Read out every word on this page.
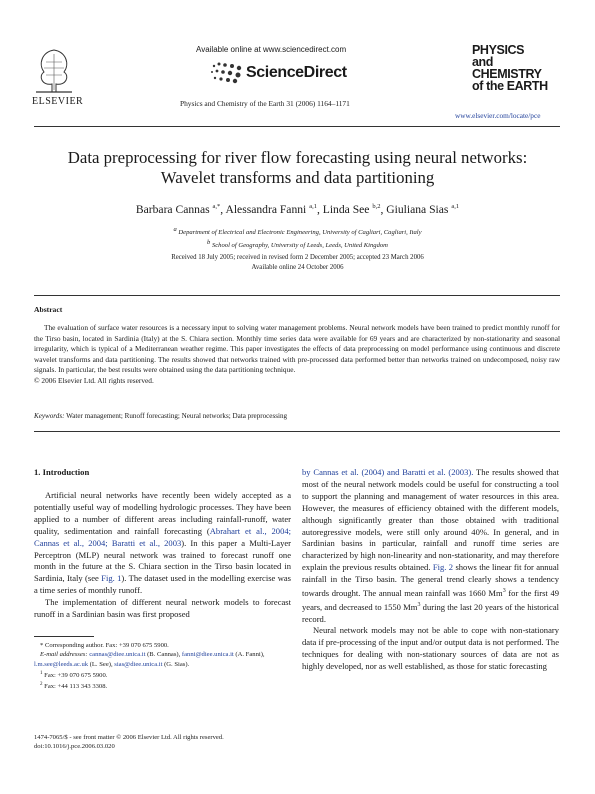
ELSEVIER
Available online at www.sciencedirect.com
ScienceDirect
Physics and Chemistry of the Earth 31 (2006) 1164–1171
PHYSICS
and CHEMISTRY
of the EARTH
www.elsevier.com/locate/pce
Data preprocessing for river flow forecasting using neural networks: Wavelet transforms and data partitioning
Barbara Cannas $^{a,*}$, Alessandra Fanni $^{a,1}$, Linda See $^{b,2}$, Giuliana Sias $^{a,1}$
$^a$ Department of Electrical and Electronic Engineering, University of Cagliari, Cagliari, Italy
$^b$ School of Geography, University of Leeds, Leeds, United Kingdom
Received 18 July 2005; received in revised form 2 December 2005; accepted 23 March 2006
Available online 24 October 2006
Abstract

The evaluation of surface water resources is a necessary input to solving water management problems. Neural network models have been trained to predict monthly runoff for the Tirso basin, located in Sardinia (Italy) at the S. Chiara section. Monthly time series data were available for 69 years and are characterized by non-stationarity and seasonal irregularity, which is typical of a Mediterranean weather regime. This paper investigates the effects of data preprocessing on model performance using continuous and discrete wavelet transforms and data partitioning. The results showed that networks trained with pre-processed data performed better than networks trained on undecomposed, noisy raw signals. In particular, the best results were obtained using the data partitioning technique.

© 2006 Elsevier Ltd. All rights reserved.
Keywords: Water management; Runoff forecasting; Neural networks; Data preprocessing
1. Introduction

Artificial neural networks have recently been widely accepted as a potentially useful way of modelling hydrologic processes. They have been applied to a number of different areas including rainfall-runoff, water quality, sedimentation and rainfall forecasting (Abrahart et al., 2004; Cannas et al., 2004; Baratti et al., 2003). In this paper a Multi-Layer Perceptron (MLP) neural network was trained to forecast runoff one month in the future at the S. Chiara section in the Tirso basin located in Sardinia, Italy (see Fig. 1). The dataset used in the modelling exercise was a time series of monthly runoff.

The implementation of different neural network models to forecast runoff in a Sardinian basin was first proposed

by Cannas et al. (2004) and Baratti et al. (2003). The results showed that most of the neural network models could be useful for constructing a tool to support the planning and management of water resources in this area. However, the measures of efficiency obtained with the different models, although significantly greater than those obtained with traditional autoregressive models, were still only around 40%. In general, and in Sardinian basins in particular, rainfall and runoff time series are characterized by high non-linearity and non-stationarity, and may therefore explain the previous results obtained. Fig. 2 shows the linear fit for annual rainfall in the Tirso basin. The general trend clearly shows a tendency towards drought. The annual mean rainfall was 1660 Mm$^3$ for the first 49 years, and decreased to 1550 Mm$^3$ during the last 20 years of the historical record.

Neural network models may not be able to cope with non-stationary data if pre-processing of the input and/or output data is not performed. The techniques for dealing with non-stationary sources of data are not as highly developed, nor as well established, as those for static forecasting

* Corresponding author. Fax: +39 070 675 5900.

E-mail addresses: cannas@diee.unica.it (B. Cannas), fanni@diee.unica.it (A. Fanni), l.m.see@leeds.ac.uk (L. See), sias@diee.unica.it (G. Sias).

$^1$ Fax: +39 070 675 5900.

$^2$ Fax: +44 113 343 3308.

1474-7065/$ - see front matter © 2006 Elsevier Ltd. All rights reserved.
doi:10.1016/j.pce.2006.03.020
